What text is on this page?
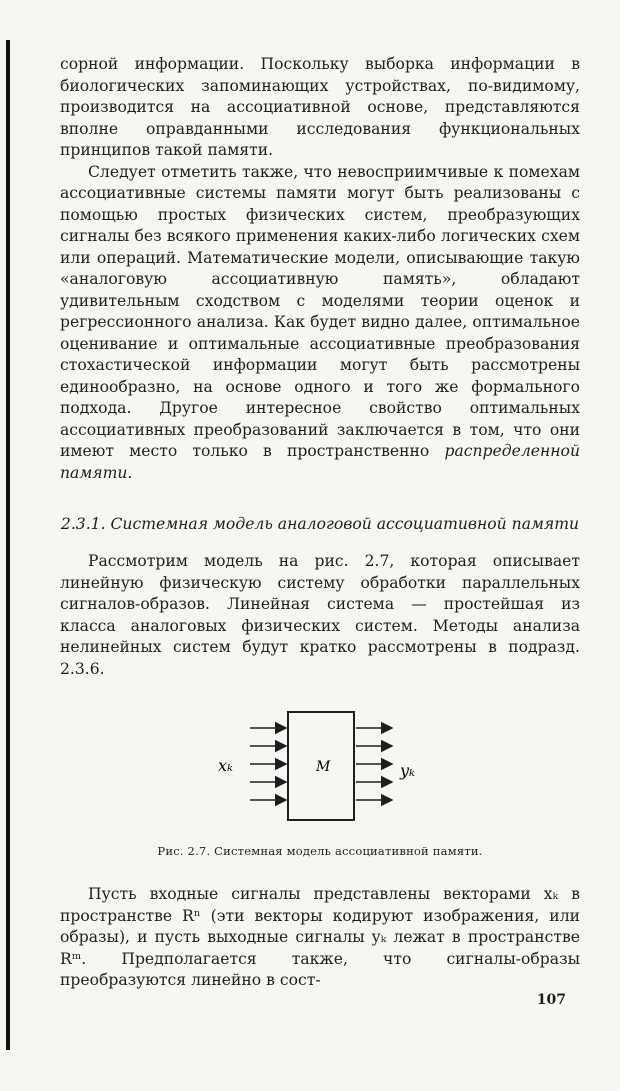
сорной информации. Поскольку выборка информации в биологических запоминающих устройствах, по-видимому, производится на ассоциативной основе, представляются вполне оправданными исследования функциональных принципов такой памяти.

Следует отметить также, что невосприимчивые к помехам ассоциативные системы памяти могут быть реализованы с помощью простых физических систем, преобразующих сигналы без всякого применения каких-либо логических схем или операций. Математические модели, описывающие такую «аналоговую ассоциативную память», обладают удивительным сходством с моделями теории оценок и регрессионного анализа. Как будет видно далее, оптимальное оценивание и оптимальные ассоциативные преобразования стохастической информации могут быть рассмотрены единообразно, на основе одного и того же формального подхода. Другое интересное свойство оптимальных ассоциативных преобразований заключается в том, что они имеют место только в пространственно распределенной памяти.

2.3.1. Системная модель аналоговой ассоциативной памяти

Рассмотрим модель на рис. 2.7, которая описывает линейную физическую систему обработки параллельных сигналов-образов. Линейная система — простейшая из класса аналоговых физических систем. Методы анализа нелинейных систем будут кратко рассмотрены в подразд. 2.3.6.

M
xₖ	yₖ
Рис. 2.7. Системная модель ассоциативной памяти.

Пусть входные сигналы представлены векторами xₖ в пространстве Rⁿ (эти векторы кодируют изображения, или образы), и пусть выходные сигналы yₖ лежат в пространстве Rᵐ. Предполагается также, что сигналы-образы преобразуются линейно в сост-

107
